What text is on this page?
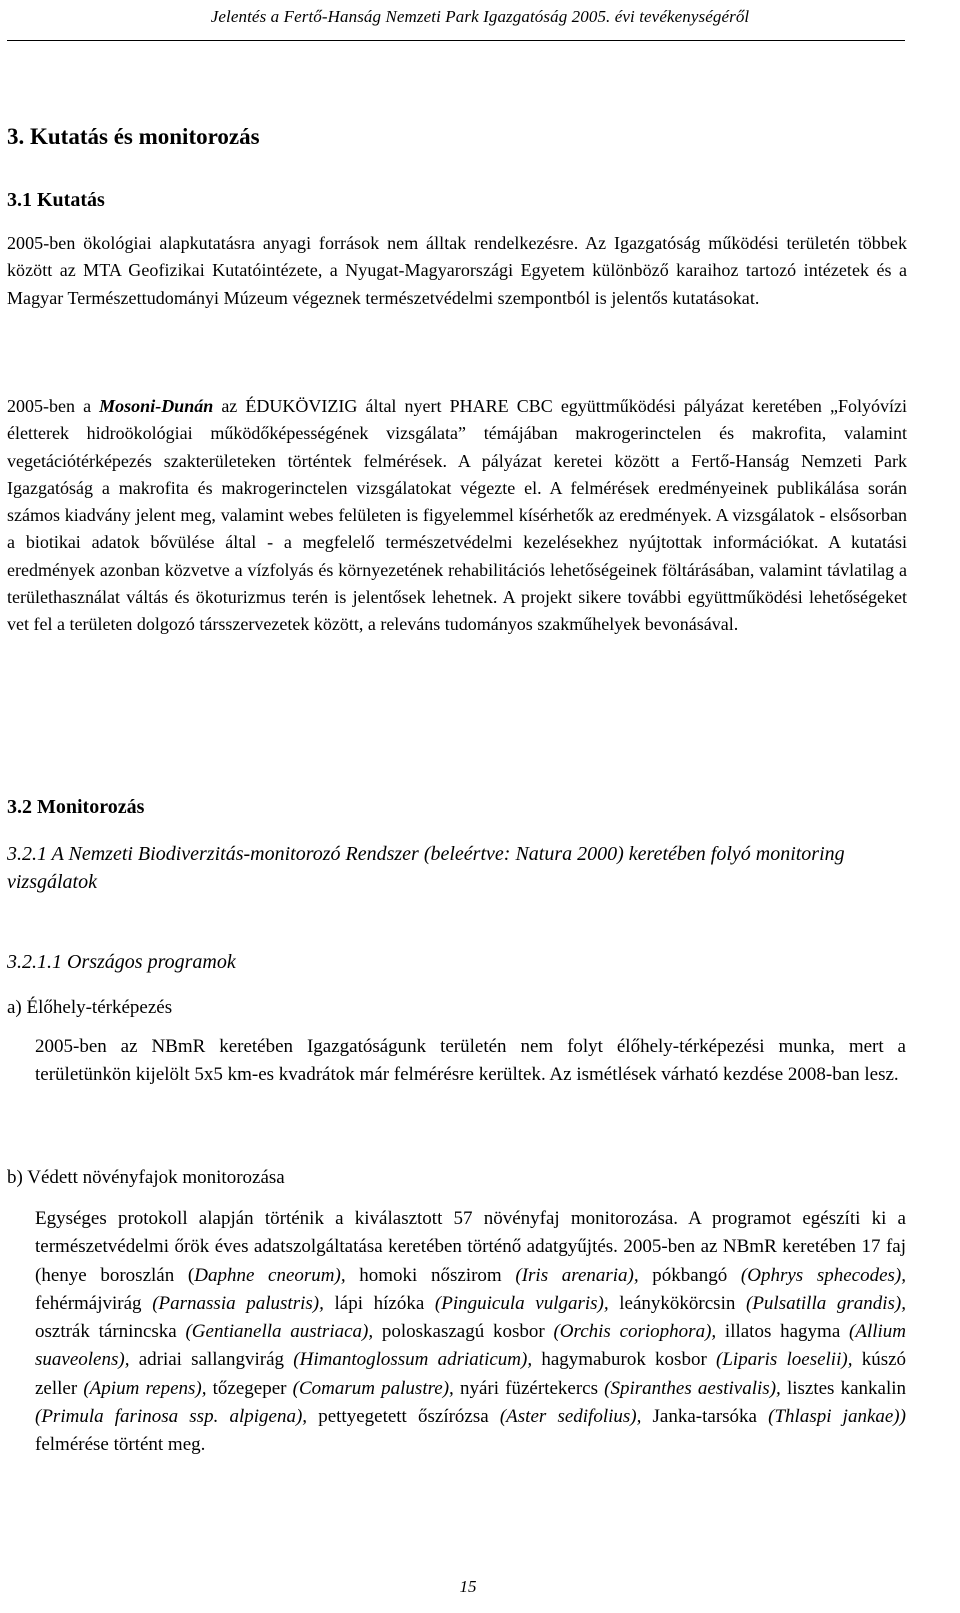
Jelentés a Fertő-Hanság Nemzeti Park Igazgatóság 2005. évi tevékenységéről
3. Kutatás és monitorozás
3.1 Kutatás
2005-ben ökológiai alapkutatásra anyagi források nem álltak rendelkezésre. Az Igazgatóság működési területén többek között az MTA Geofizikai Kutatóintézete, a Nyugat-Magyarországi Egyetem különböző karaihoz tartozó intézetek és a Magyar Természettudományi Múzeum végeznek természetvédelmi szempontból is jelentős kutatásokat.
2005-ben a Mosoni-Dunán az ÉDUKÖVIZIG által nyert PHARE CBC együttműködési pályázat keretében „Folyóvízi életterek hidroökológiai működőképességének vizsgálata” témájában makrogerinctelen és makrofita, valamint vegetációtérképezés szakterületeken történtek felmérések. A pályázat keretei között a Fertő-Hanság Nemzeti Park Igazgatóság a makrofita és makrogerinctelen vizsgálatokat végezte el. A felmérések eredményeinek publikálása során számos kiadvány jelent meg, valamint webes felületen is figyelemmel kísérhetők az eredmények. A vizsgálatok - elsősorban a biotikai adatok bővülése által - a megfelelő természetvédelmi kezelésekhez nyújtottak információkat. A kutatási eredmények azonban közvetve a vízfolyás és környezetének rehabilitációs lehetőségeinek föltárásában, valamint távlatilag a területhasználat váltás és ökoturizmus terén is jelentősek lehetnek. A projekt sikere további együttműködési lehetőségeket vet fel a területen dolgozó társszervezetek között, a releváns tudományos szakműhelyek bevonásával.
3.2 Monitorozás
3.2.1 A Nemzeti Biodiverzitás-monitorozó Rendszer (beleértve: Natura 2000) keretében folyó monitoring vizsgálatok
3.2.1.1 Országos programok
a) Élőhely-térképezés
2005-ben az NBmR keretében Igazgatóságunk területén nem folyt élőhely-térképezési munka, mert a területünkön kijelölt 5x5 km-es kvadrátok már felmérésre kerültek. Az ismétlések várható kezdése 2008-ban lesz.
b) Védett növényfajok monitorozása
Egységes protokoll alapján történik a kiválasztott 57 növényfaj monitorozása. A programot egészíti ki a természetvédelmi őrök éves adatszolgáltatása keretében történő adatgyűjtés. 2005-ben az NBmR keretében 17 faj (henye boroszlán (Daphne cneorum), homoki nőszirom (Iris arenaria), pókbangó (Ophrys sphecodes), fehérmájvirág (Parnassia palustris), lápi hízóka (Pinguicula vulgaris), leánykökörcsin (Pulsatilla grandis), osztrák tárnincska (Gentianella austriaca), poloskaszagú kosbor (Orchis coriophora), illatos hagyma (Allium suaveolens), adriai sallangvirág (Himantoglossum adriaticum), hagymaburok kosbor (Liparis loeselii), kúszó zeller (Apium repens), tőzegeper (Comarum palustre), nyári füzértekercs (Spiranthes aestivalis), lisztes kankalin (Primula farinosa ssp. alpigena), pettyegetett őszírózsa (Aster sedifolius), Janka-tarsóka (Thlaspi jankae)) felmérése történt meg.
15
